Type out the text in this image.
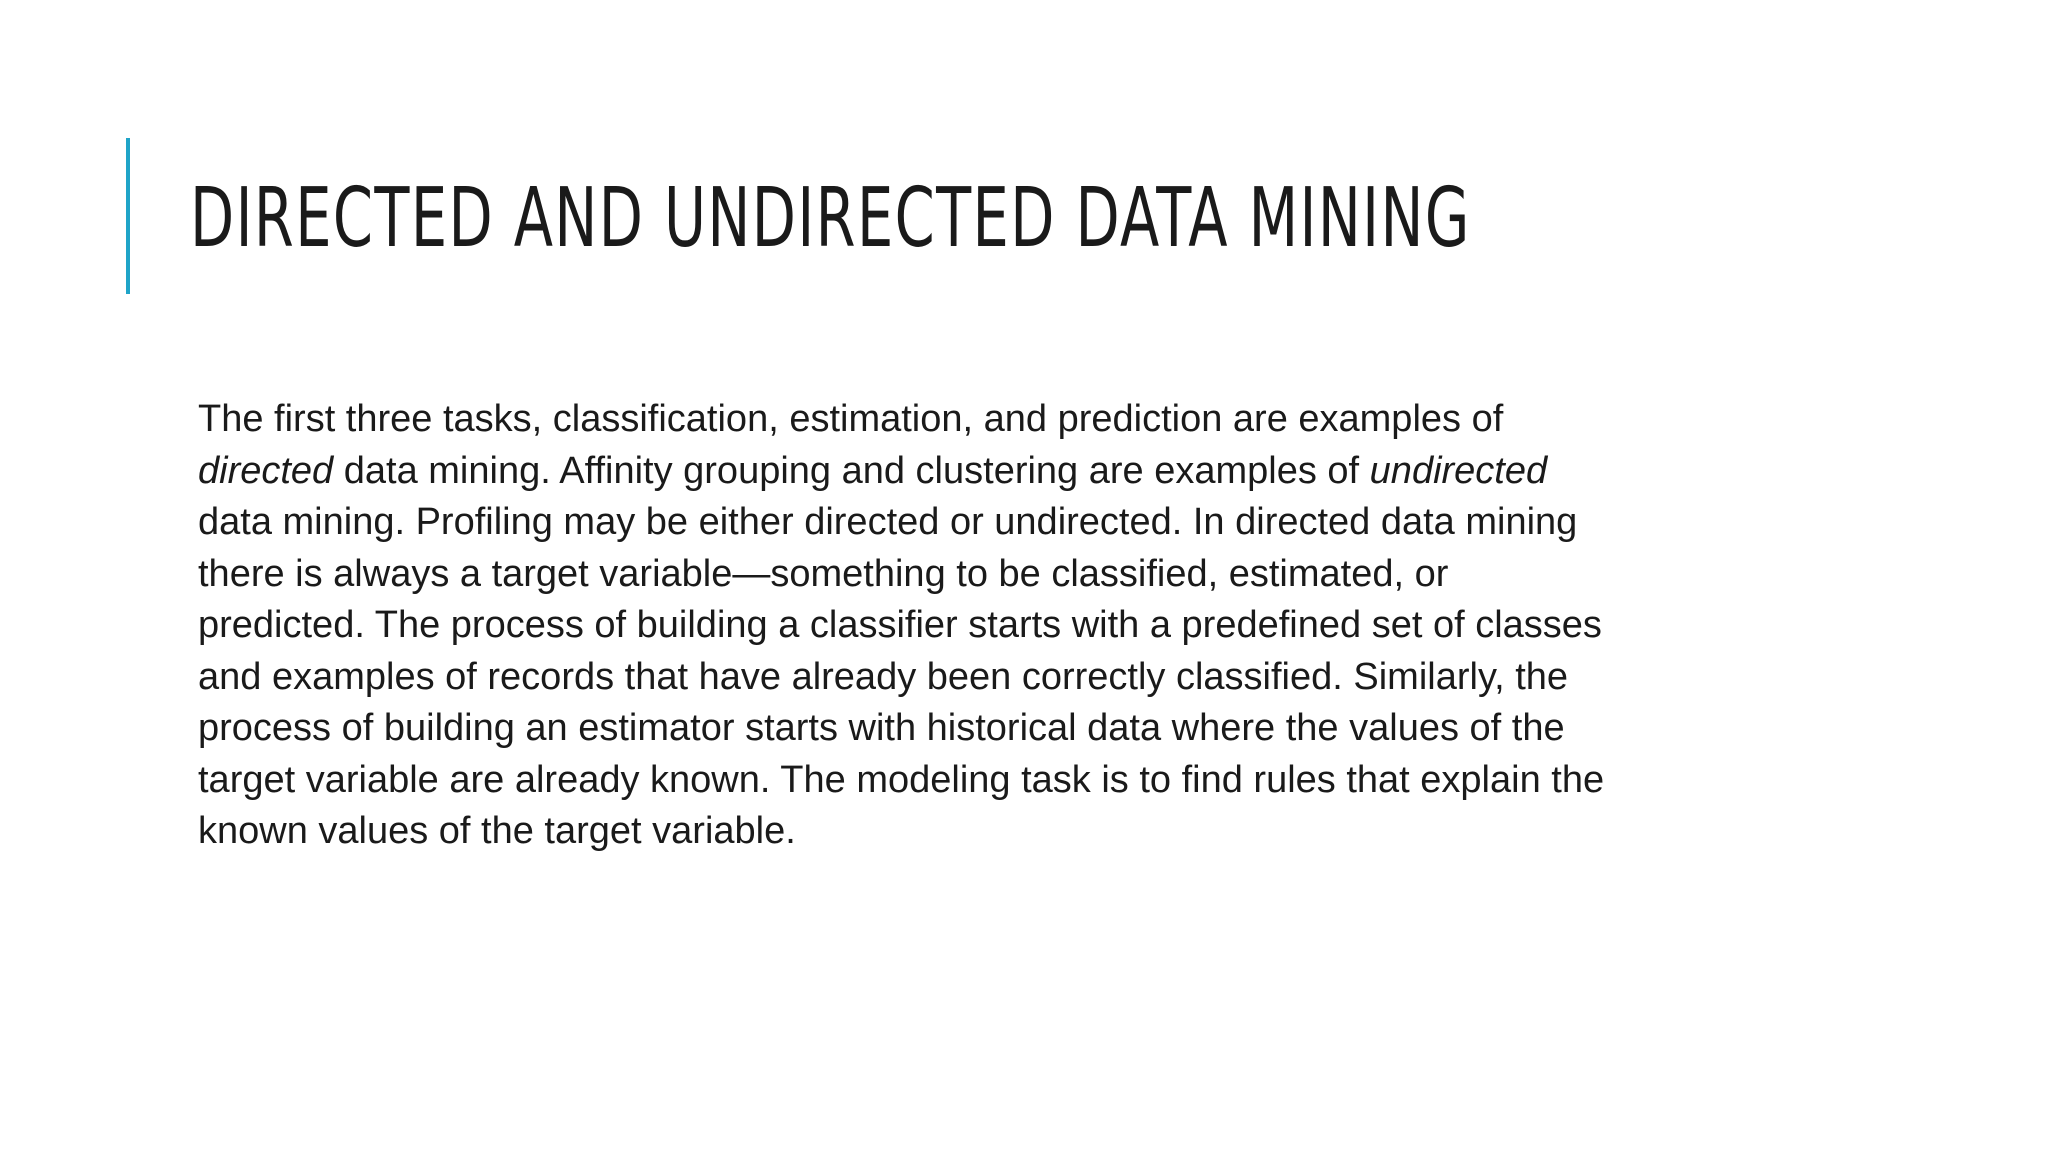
DIRECTED AND UNDIRECTED DATA MINING
The first three tasks, classification, estimation, and prediction are examples of
directed data mining. Affinity grouping and clustering are examples of undirected
data mining. Profiling may be either directed or undirected. In directed data mining
there is always a target variable—something to be classified, estimated, or
predicted. The process of building a classifier starts with a predefined set of classes
and examples of records that have already been correctly classified. Similarly, the
process of building an estimator starts with historical data where the values of the
target variable are already known. The modeling task is to find rules that explain the
known values of the target variable.
